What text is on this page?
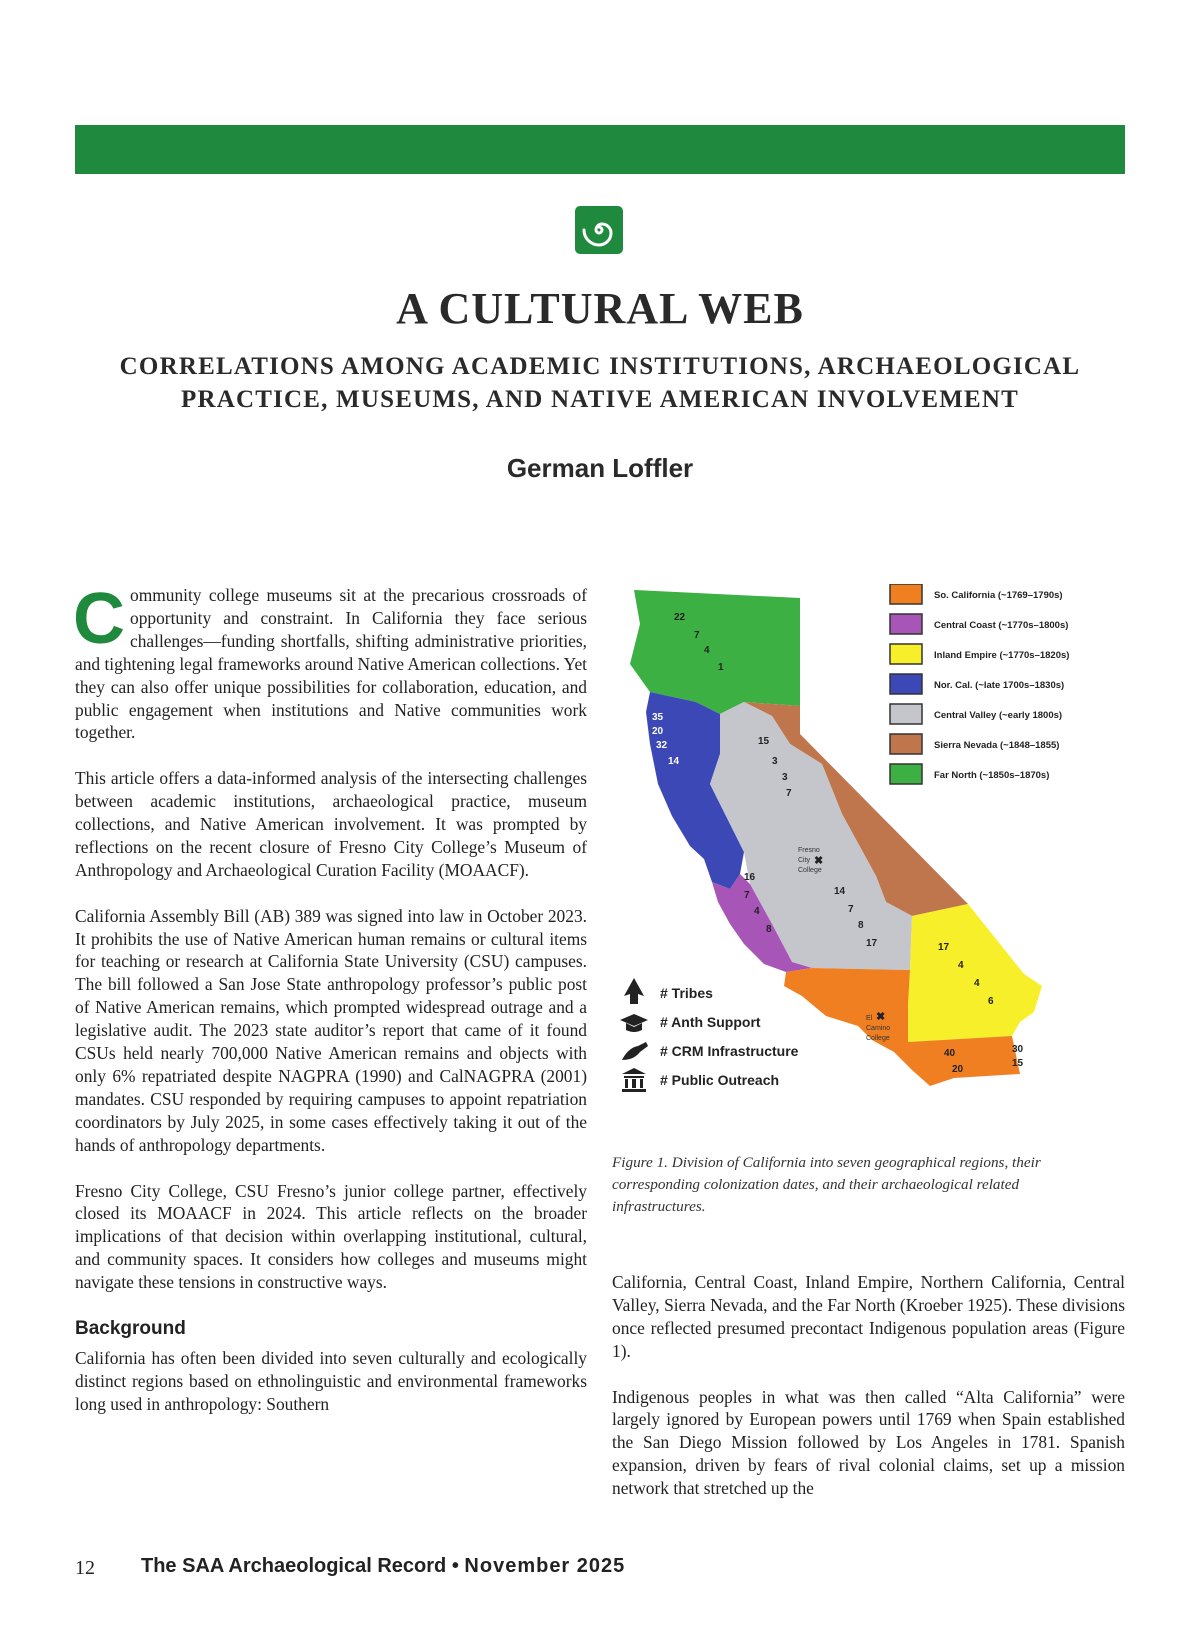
A CULTURAL WEB
CORRELATIONS AMONG ACADEMIC INSTITUTIONS, ARCHAEOLOGICAL PRACTICE, MUSEUMS, AND NATIVE AMERICAN INVOLVEMENT
German Loffler

Community college museums sit at the precarious crossroads of opportunity and constraint. In California they face serious challenges—funding shortfalls, shifting administrative priorities, and tightening legal frameworks around Native American collections. Yet they can also offer unique possibilities for collaboration, education, and public engagement when institutions and Native communities work together.

This article offers a data-informed analysis of the intersecting challenges between academic institutions, archaeological practice, museum collections, and Native American involvement. It was prompted by reflections on the recent closure of Fresno City College’s Museum of Anthropology and Archaeological Curation Facility (MOAACF).

California Assembly Bill (AB) 389 was signed into law in October 2023. It prohibits the use of Native American human remains or cultural items for teaching or research at California State University (CSU) campuses. The bill followed a San Jose State anthropology professor’s public post of Native American remains, which prompted widespread outrage and a legislative audit. The 2023 state auditor’s report that came of it found CSUs held nearly 700,000 Native American remains and objects with only 6% repatriated despite NAGPRA (1990) and CalNAGPRA (2001) mandates. CSU responded by requiring campuses to appoint repatriation coordinators by July 2025, in some cases effectively taking it out of the hands of anthropology departments.

Fresno City College, CSU Fresno’s junior college partner, effectively closed its MOAACF in 2024. This article reflects on the broader implications of that decision within overlapping institutional, cultural, and community spaces. It considers how colleges and museums might navigate these tensions in constructive ways.

Background

California has often been divided into seven culturally and ecologically distinct regions based on ethnolinguistic and environmental frameworks long used in anthropology: Southern

California, Central Coast, Inland Empire, Northern California, Central Valley, Sierra Nevada, and the Far North (Kroeber 1925). These divisions once reflected presumed precontact Indigenous population areas (Figure 1).

Indigenous peoples in what was then called “Alta California” were largely ignored by European powers until 1769 when Spain established the San Diego Mission followed by Los Angeles in 1781. Spanish expansion, driven by fears of rival colonial claims, set up a mission network that stretched up the

22
7
4
1
35
20
32
14
15
3
3
7
16
7
4
8
14
7
8
17	17
4
4
6
40
20
30
15
Fresno
City ✖
College
El ✖
Camino
College
So. California (~1769–1790s)
Central Coast (~1770s–1800s)
Inland Empire (~1770s–1820s)
Nor. Cal. (~late 1700s–1830s)
Central Valley (~early 1800s)
Sierra Nevada (~1848–1855)
Far North (~1850s–1870s)
# Tribes
# Anth Support
# CRM Infrastructure
# Public Outreach
Figure 1. Division of California into seven geographical regions, their corresponding colonization dates, and their archaeological related infrastructures.
12 The SAA Archaeological Record • November 2025
